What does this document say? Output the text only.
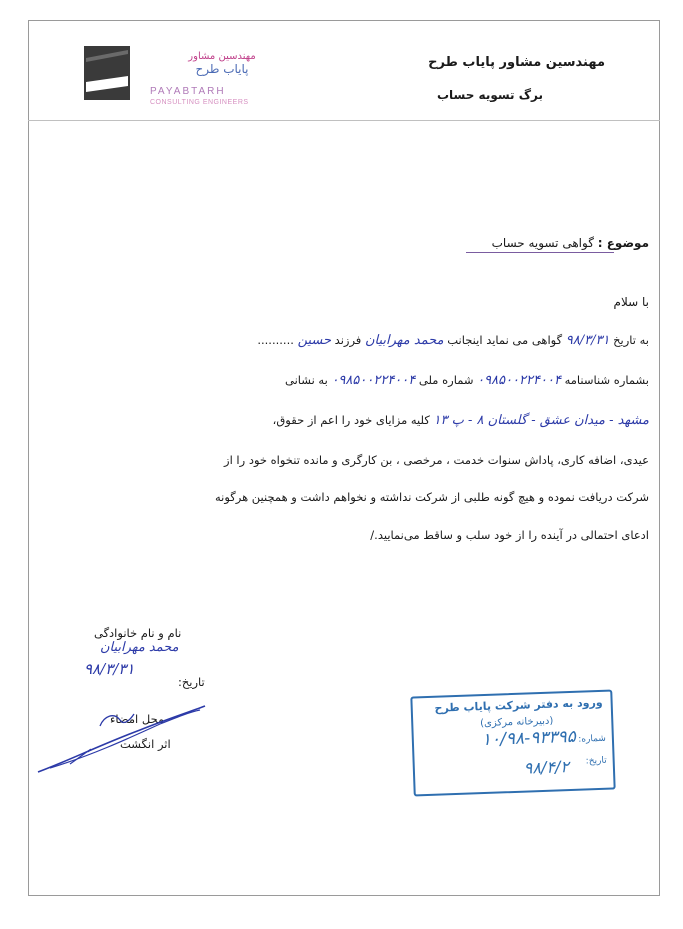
مهندسین مشاور
پایاب طرح
PAYABTARH
CONSULTING ENGINEERS
مهندسین مشاور پایاب طرح
برگ تسویه حساب
موضوع : گواهی تسویه حساب
با سلام
به تاریخ ۹۸/۳/۳۱ گواهی می نماید اینجانب محمد مهرابیان فرزند حسین ..........
بشماره شناسنامه ۰۹۸۵۰۰۲۲۴۰۰۴ شماره ملی ۰۹۸۵۰۰۲۲۴۰۰۴ به نشانی
مشهد - میدان عشق - گلستان ۸ - پ ۱۳ کلیه مزایای خود را اعم از حقوق،
عیدی، اضافه کاری، پاداش سنوات خدمت ، مرخصی ، بن کارگری و مانده تنخواه خود را از
شرکت دریافت نموده و هیچ گونه طلبی از شرکت نداشته و نخواهم داشت و همچنین هرگونه
ادعای احتمالی در آینده را از خود سلب و ساقط می‌نمایید./
نام و نام خانوادگی
محمد مهرابیان
تاریخ:
۹۸/۳/۳۱
محل امضاء
اثر انگشت
ورود به دفتر شرکت پایاب طرح
(دبیرخانه مرکزی)
شماره:
۱۰/۹۸-۹۳۳۹۵
تاریخ:
۹۸/۴/۲
